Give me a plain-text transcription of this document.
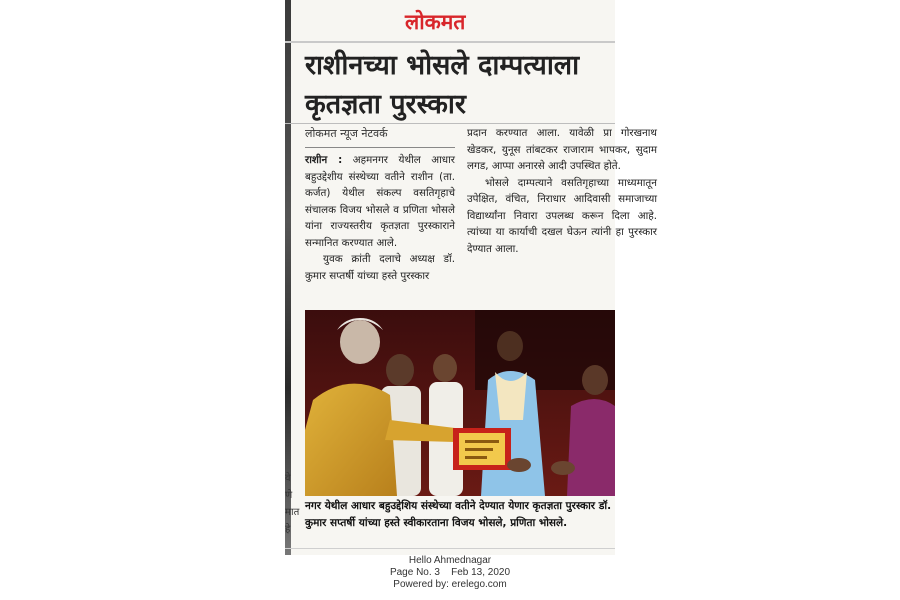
लोकमत
राशीनच्या भोसले दाम्पत्याला
कृतज्ञता पुरस्कार
लोकमत न्यूज नेटवर्क

राशीन : अहमनगर येथील आधार बहुउद्देशीय संस्थेच्या वतीने राशीन (ता. कर्जत) येथील संकल्प वसतिगृहाचे संचालक विजय भोसले व प्रणिता भोसले यांना राज्यस्तरीय कृतज्ञता पुरस्काराने सन्मानित करण्यात आले.

युवक क्रांती दलाचे अध्यक्ष डॉ. कुमार सप्तर्षी यांच्या हस्ते पुरस्कार

प्रदान करण्यात आला. यावेळी प्रा गोरखनाथ खेडकर, युनूस तांबटकर राजाराम भापकर, सुदाम लगड, आप्पा अनारसे आदी उपस्थित होते.

भोसले दाम्पत्याने वसतिगृहाच्या माध्यमातून उपेक्षित, वंचित, निराधार आदिवासी समाजाच्या विद्यार्थ्यांना निवारा उपलब्ध करून दिला आहे. त्यांच्या या कार्याची दखल घेऊन त्यांनी हा पुरस्कार देण्यात आला.

नगर येथील आधार बहुउद्देशिय संस्थेच्या वतीने देण्यात येणार कृतज्ञता पुरस्कार डॉ. कुमार सप्तर्षी यांच्या हस्ते स्वीकारताना विजय भोसले, प्रणिता भोसले.
वे
णे
मात
हे
Hello Ahmednagar
Page No. 3    Feb 13, 2020
Powered by: erelego.com
